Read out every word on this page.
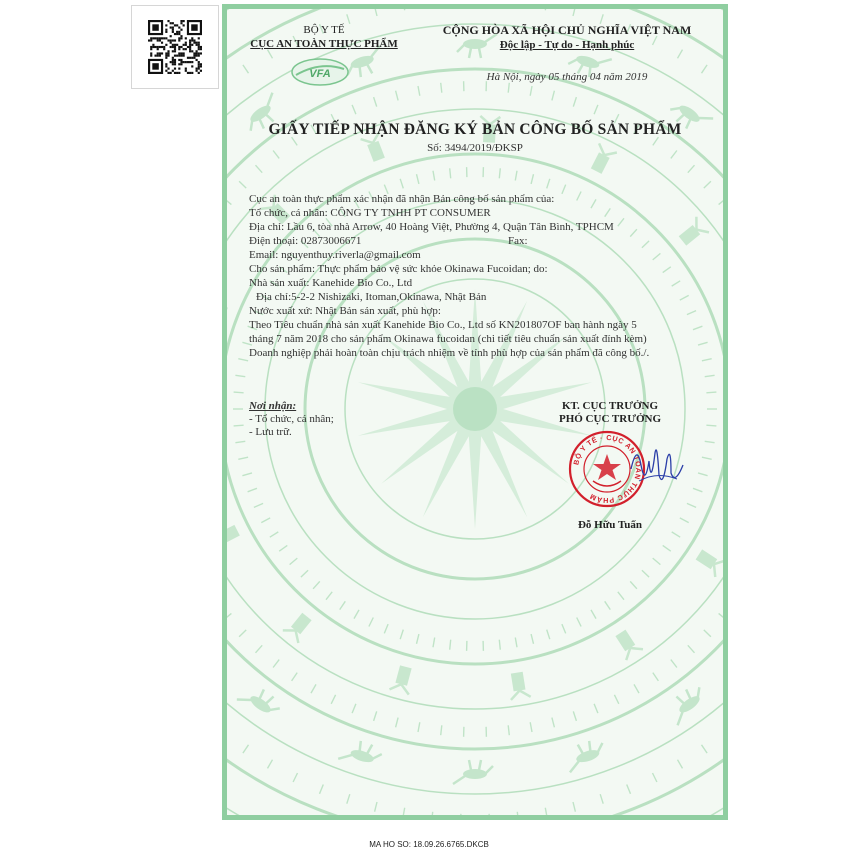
BỘ Y TẾ
CỤC AN TOÀN THỰC PHẨM
VFA
CỘNG HÒA XÃ HỘI CHỦ NGHĨA VIỆT NAM
Độc lập - Tự do - Hạnh phúc
Hà Nội, ngày 05 tháng 04 năm 2019
GIẤY TIẾP NHẬN ĐĂNG KÝ BẢN CÔNG BỐ SẢN PHẨM
Số: 3494/2019/ĐKSP
Cục an toàn thực phẩm xác nhận đã nhận Bản công bố sản phẩm của:
Tổ chức, cá nhân: CÔNG TY TNHH PT CONSUMER
Địa chỉ: Lầu 6, tòa nhà Arrow, 40 Hoàng Việt, Phường 4, Quận Tân Bình, TPHCM
Điện thoại: 02873006671	Fax:
Email: nguyenthuy.riverla@gmail.com
Cho sản phẩm: Thực phẩm bảo vệ sức khỏe Okinawa Fucoidan; do:
Nhà sản xuất: Kanehide Bio Co., Ltd
Địa chỉ:5-2-2 Nishizaki, Itoman,Okinawa, Nhật Bản
Nước xuất xứ: Nhật Bản sản xuất, phù hợp:
Theo Tiêu chuẩn nhà sản xuất Kanehide Bio Co., Ltd số KN201807OF ban hành ngày 5
tháng 7 năm 2018 cho sản phẩm Okinawa fucoidan (chi tiết tiêu chuẩn sản xuất đính kèm)
Doanh nghiệp phải hoàn toàn chịu trách nhiệm về tính phù hợp của sản phẩm đã công bố./.
Nơi nhận:
- Tổ chức, cá nhân;
- Lưu trữ.
KT. CỤC TRƯỞNG
PHÓ CỤC TRƯỞNG
BỘ Y TẾ · CỤC AN TOÀN THỰC PHẨM
Đỗ Hữu Tuấn
MA HO SO: 18.09.26.6765.DKCB
